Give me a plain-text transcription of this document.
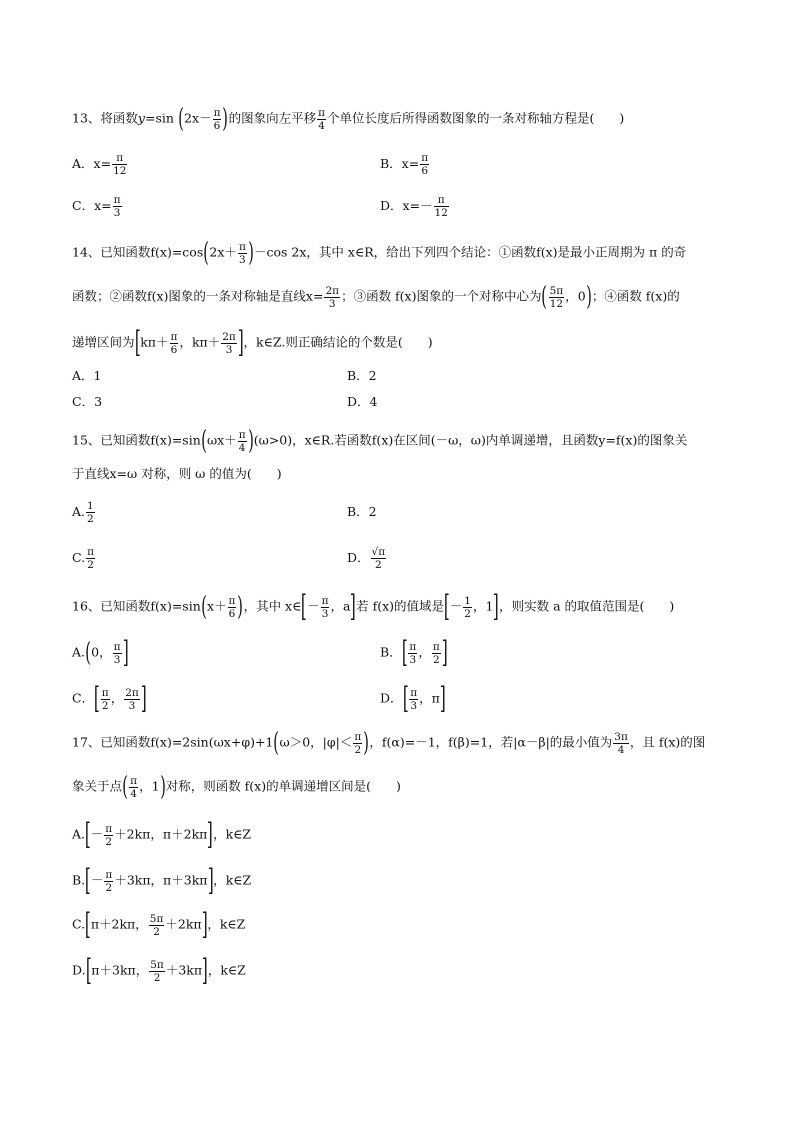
13、将函数y=sin ($2x- \frac{\pi}{6}$ )的图象向左平移 $\frac{\pi}{4}$ 个单位长度后所得函数图象的一条对称轴方程是(　　)
A．$x= \frac{\pi}{12}$	B．$x= \frac{\pi}{6}$
C．$x= \frac{\pi}{3}$	D．$x=- \frac{\pi}{12}$
14、已知函数$f(x)=\cos(2x+ \frac{\pi}{3} )-\cos$ 2x，其中 x∈R，给出下列四个结论：①函数f(x)是最小正周期为 π 的奇
函数；②函数f(x)图象的一条对称轴是直线$x= \frac{2\pi}{3}$ ；③函数 f(x)图象的一个对称中心为( $\frac{5\pi}{12}$ ，0)；④函数 f(x)的
递增区间为[$k\pi+ \frac{\pi}{6}$ ，$k\pi+ \frac{2\pi}{3}$ ]，k∈Z.则正确结论的个数是(　　)
A．1	B．2
C．3	D．4
15、已知函数$f(x)=\sin(\omega x+ \frac{\pi}{4} )(\omega>0)$，x∈R.若函数f(x)在区间(－ω，ω)内单调递增，且函数y=f(x)的图象关
于直线x=ω 对称，则 ω 的值为(　　)
A. $\frac{1}{2}$	B．2
C. $\frac{\pi}{2}$	D． $\frac{√\pi}{2}$
16、已知函数$f(x)=\sin(x+ \frac{\pi}{6}$ )，其中 x∈[－ $\frac{\pi}{3}$ ，a]若 f(x)的值域是[－ $\frac{1}{2}$ ，1]，则实数 a 的取值范围是(　　)
A.(0， $\frac{\pi}{3}$ ]	B．[ $\frac{\pi}{3}$ ， $\frac{\pi}{2}$ ]
C．[ $\frac{\pi}{2}$ ， $\frac{2\pi}{3}$ ]	D．[ $\frac{\pi}{3}$ ，π]
17、已知函数f(x)=2sin(ωx+φ)+1(ω＞0，$|\varphi|< \frac{\pi}{2}$ )，f(α)=－1，f(β)=1，若|α－β|的最小值为 $\frac{3\pi}{4}$ ，且 f(x)的图
象关于点( $\frac{\pi}{4}$ ，1)对称，则函数 f(x)的单调递增区间是(　　)
$A.[- \frac{\pi}{2} +2k\pi$，π＋2kπ]，k∈Z
$B.[- \frac{\pi}{2} +3k\pi$，π＋3kπ]，k∈Z
C.[π＋2kπ， $\frac{5\pi}{2} +2k\pi$]，k∈Z
D.[π＋3kπ， $\frac{5\pi}{2} +3k\pi$]，k∈Z
